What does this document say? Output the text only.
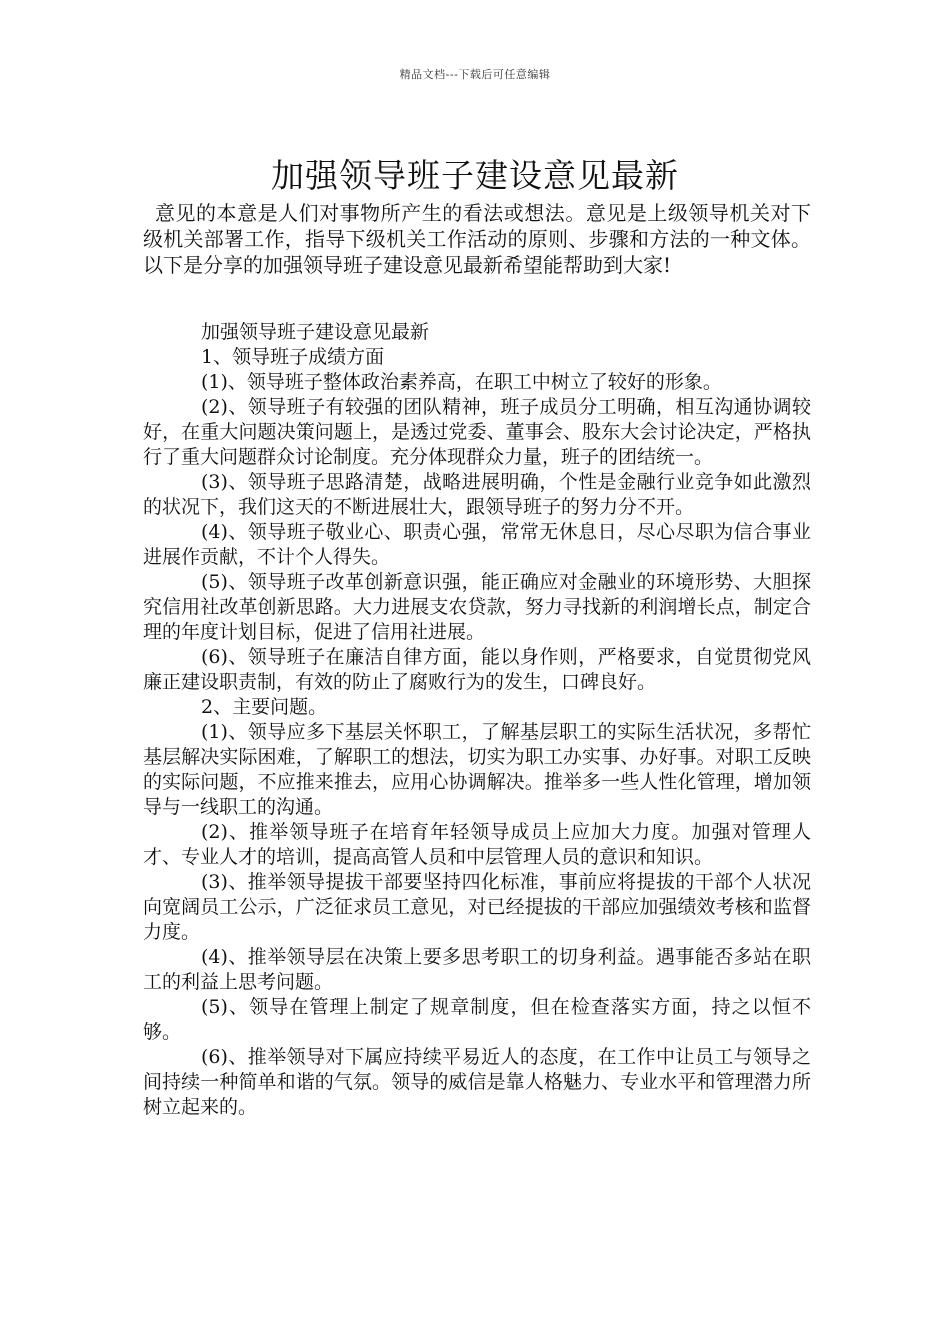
精品文档---下载后可任意编辑
加强领导班子建设意见最新

意见的本意是人们对事物所产生的看法或想法。意见是上级领导机关对下级机关部署工作，指导下级机关工作活动的原则、步骤和方法的一种文体。以下是分享的加强领导班子建设意见最新希望能帮助到大家!

加强领导班子建设意见最新

1、领导班子成绩方面

(1)、领导班子整体政治素养高，在职工中树立了较好的形象。

(2)、领导班子有较强的团队精神，班子成员分工明确，相互沟通协调较好，在重大问题决策问题上，是透过党委、董事会、股东大会讨论决定，严格执行了重大问题群众讨论制度。充分体现群众力量，班子的团结统一。

(3)、领导班子思路清楚，战略进展明确，个性是金融行业竞争如此激烈的状况下，我们这天的不断进展壮大，跟领导班子的努力分不开。

(4)、领导班子敬业心、职责心强，常常无休息日，尽心尽职为信合事业进展作贡献，不计个人得失。

(5)、领导班子改革创新意识强，能正确应对金融业的环境形势、大胆探究信用社改革创新思路。大力进展支农贷款，努力寻找新的利润增长点，制定合理的年度计划目标，促进了信用社进展。

(6)、领导班子在廉洁自律方面，能以身作则，严格要求，自觉贯彻党风廉正建设职责制，有效的防止了腐败行为的发生，口碑良好。

2、主要问题。

(1)、领导应多下基层关怀职工，了解基层职工的实际生活状况，多帮忙基层解决实际困难，了解职工的想法，切实为职工办实事、办好事。对职工反映的实际问题，不应推来推去，应用心协调解决。推举多一些人性化管理，增加领导与一线职工的沟通。

(2)、推举领导班子在培育年轻领导成员上应加大力度。加强对管理人才、专业人才的培训，提高高管人员和中层管理人员的意识和知识。

(3)、推举领导提拔干部要坚持四化标准，事前应将提拔的干部个人状况向宽阔员工公示，广泛征求员工意见，对已经提拔的干部应加强绩效考核和监督力度。

(4)、推举领导层在决策上要多思考职工的切身利益。遇事能否多站在职工的利益上思考问题。

(5)、领导在管理上制定了规章制度，但在检查落实方面，持之以恒不够。

(6)、推举领导对下属应持续平易近人的态度，在工作中让员工与领导之间持续一种简单和谐的气氛。领导的威信是靠人格魅力、专业水平和管理潜力所树立起来的。
